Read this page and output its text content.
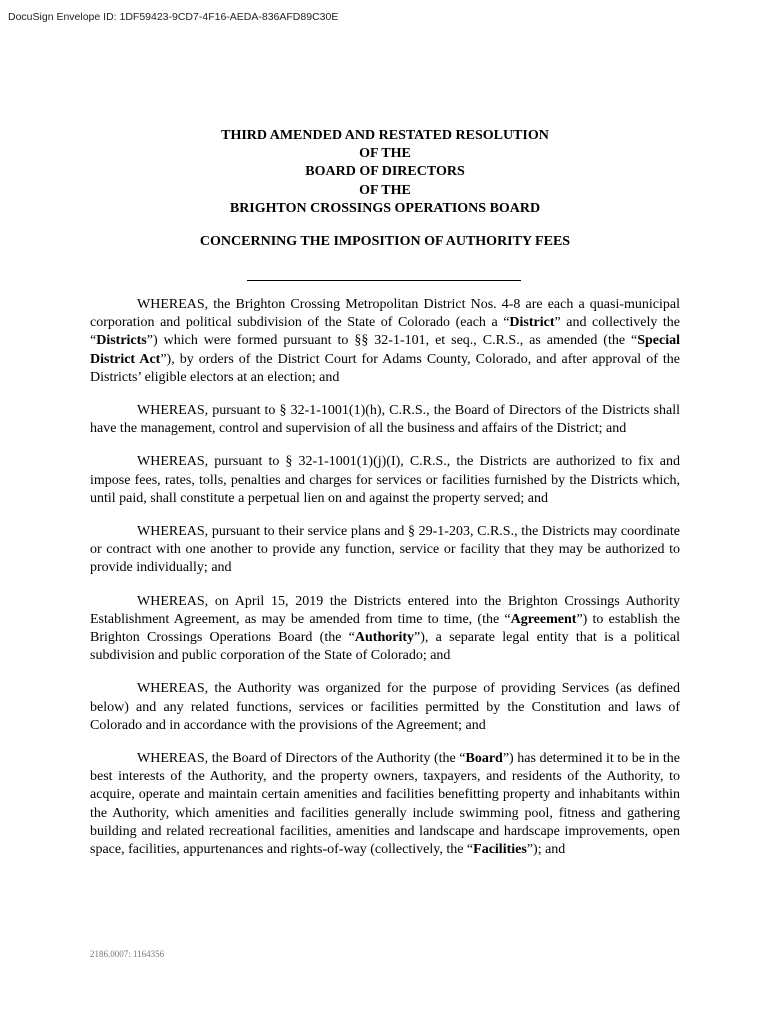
DocuSign Envelope ID: 1DF59423-9CD7-4F16-AEDA-836AFD89C30E
THIRD AMENDED AND RESTATED RESOLUTION
OF THE
BOARD OF DIRECTORS
OF THE
BRIGHTON CROSSINGS OPERATIONS BOARD
CONCERNING THE IMPOSITION OF AUTHORITY FEES

WHEREAS, the Brighton Crossing Metropolitan District Nos. 4-8 are each a quasi-municipal corporation and political subdivision of the State of Colorado (each a “District” and collectively the “Districts”) which were formed pursuant to §§ 32-1-101, et seq., C.R.S., as amended (the “Special District Act”), by orders of the District Court for Adams County, Colorado, and after approval of the Districts’ eligible electors at an election; and

WHEREAS, pursuant to § 32-1-1001(1)(h), C.R.S., the Board of Directors of the Districts shall have the management, control and supervision of all the business and affairs of the District; and

WHEREAS, pursuant to § 32-1-1001(1)(j)(I), C.R.S., the Districts are authorized to fix and impose fees, rates, tolls, penalties and charges for services or facilities furnished by the Districts which, until paid, shall constitute a perpetual lien on and against the property served; and

WHEREAS, pursuant to their service plans and § 29-1-203, C.R.S., the Districts may coordinate or contract with one another to provide any function, service or facility that they may be authorized to provide individually; and

WHEREAS, on April 15, 2019 the Districts entered into the Brighton Crossings Authority Establishment Agreement, as may be amended from time to time, (the “Agreement”) to establish the Brighton Crossings Operations Board (the “Authority”), a separate legal entity that is a political subdivision and public corporation of the State of Colorado; and

WHEREAS, the Authority was organized for the purpose of providing Services (as defined below) and any related functions, services or facilities permitted by the Constitution and laws of Colorado and in accordance with the provisions of the Agreement; and

WHEREAS, the Board of Directors of the Authority (the “Board”) has determined it to be in the best interests of the Authority, and the property owners, taxpayers, and residents of the Authority, to acquire, operate and maintain certain amenities and facilities benefitting property and inhabitants within the Authority, which amenities and facilities generally include swimming pool, fitness and gathering building and related recreational facilities, amenities and landscape and hardscape improvements, open space, facilities, appurtenances and rights-of-way (collectively, the “Facilities”); and

2186.0007: 1164356
